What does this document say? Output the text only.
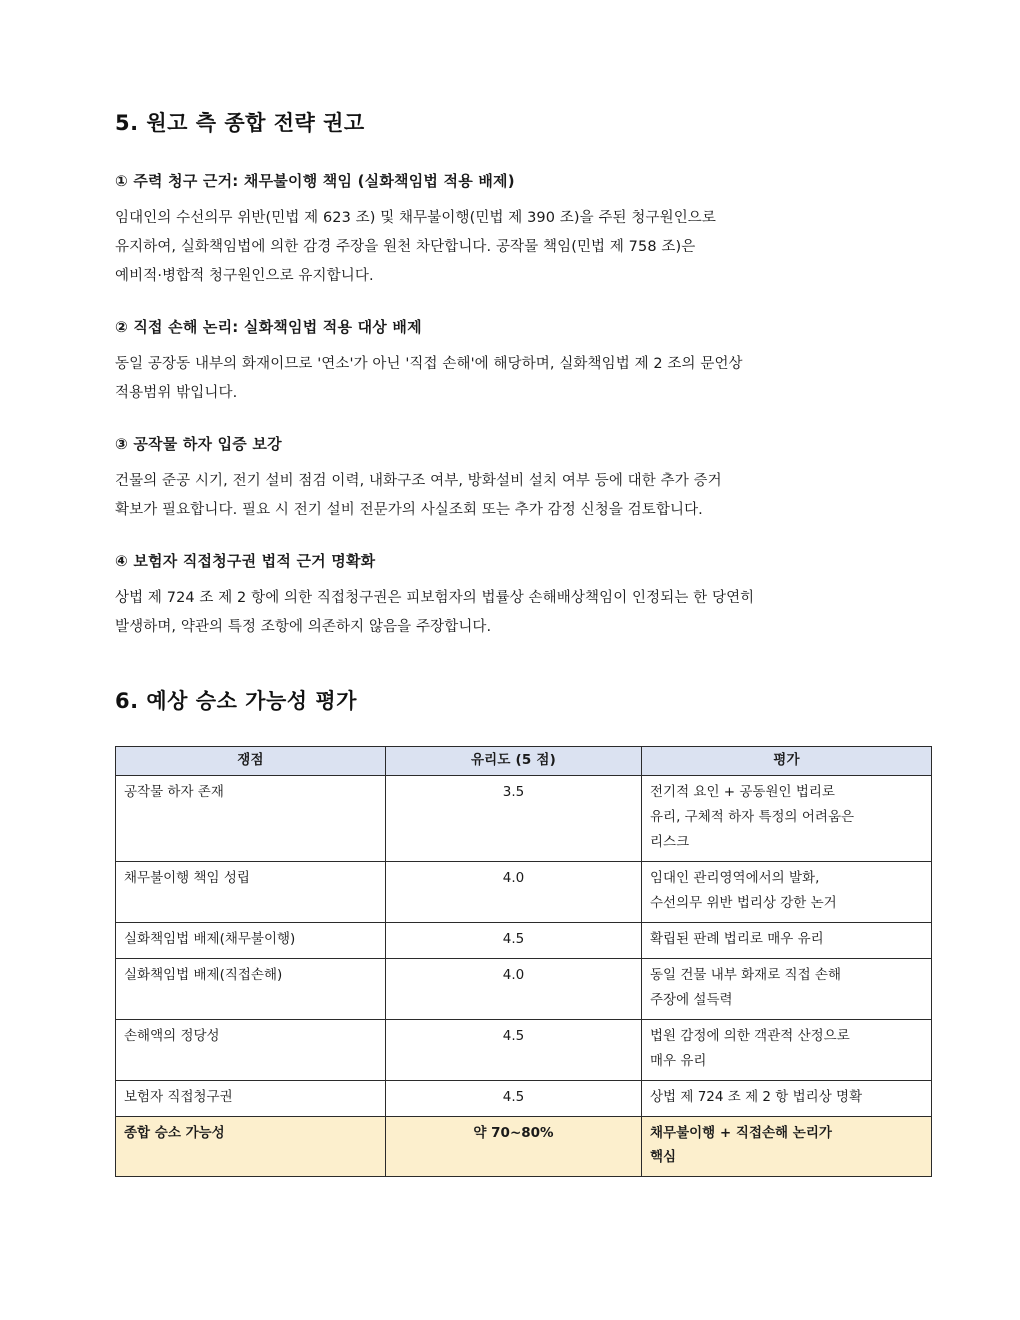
5. 원고 측 종합 전략 권고
① 주력 청구 근거: 채무불이행 책임 (실화책임법 적용 배제)
임대인의 수선의무 위반(민법 제 623 조) 및 채무불이행(민법 제 390 조)을 주된 청구원인으로
유지하여, 실화책임법에 의한 감경 주장을 원천 차단합니다. 공작물 책임(민법 제 758 조)은
예비적·병합적 청구원인으로 유지합니다.
② 직접 손해 논리: 실화책임법 적용 대상 배제
동일 공장동 내부의 화재이므로 '연소'가 아닌 '직접 손해'에 해당하며, 실화책임법 제 2 조의 문언상
적용범위 밖입니다.
③ 공작물 하자 입증 보강
건물의 준공 시기, 전기 설비 점검 이력, 내화구조 여부, 방화설비 설치 여부 등에 대한 추가 증거
확보가 필요합니다. 필요 시 전기 설비 전문가의 사실조회 또는 추가 감정 신청을 검토합니다.
④ 보험자 직접청구권 법적 근거 명확화
상법 제 724 조 제 2 항에 의한 직접청구권은 피보험자의 법률상 손해배상책임이 인정되는 한 당연히
발생하며, 약관의 특정 조항에 의존하지 않음을 주장합니다.
6. 예상 승소 가능성 평가
쟁점	유리도 (5 점)	평가
공작물 하자 존재	3.5	전기적 요인 + 공동원인 법리로
유리, 구체적 하자 특정의 어려움은
리스크

채무불이행 책임 성립	4.0	임대인 관리영역에서의 발화,
수선의무 위반 법리상 강한 논거

실화책임법 배제(채무불이행)	4.5	확립된 판례 법리로 매우 유리

실화책임법 배제(직접손해)	4.0	동일 건물 내부 화재로 직접 손해
주장에 설득력

손해액의 정당성	4.5	법원 감정에 의한 객관적 산정으로
매우 유리

보험자 직접청구권	4.5	상법 제 724 조 제 2 항 법리상 명확

종합 승소 가능성	약 70~80%	채무불이행 + 직접손해 논리가
핵심
